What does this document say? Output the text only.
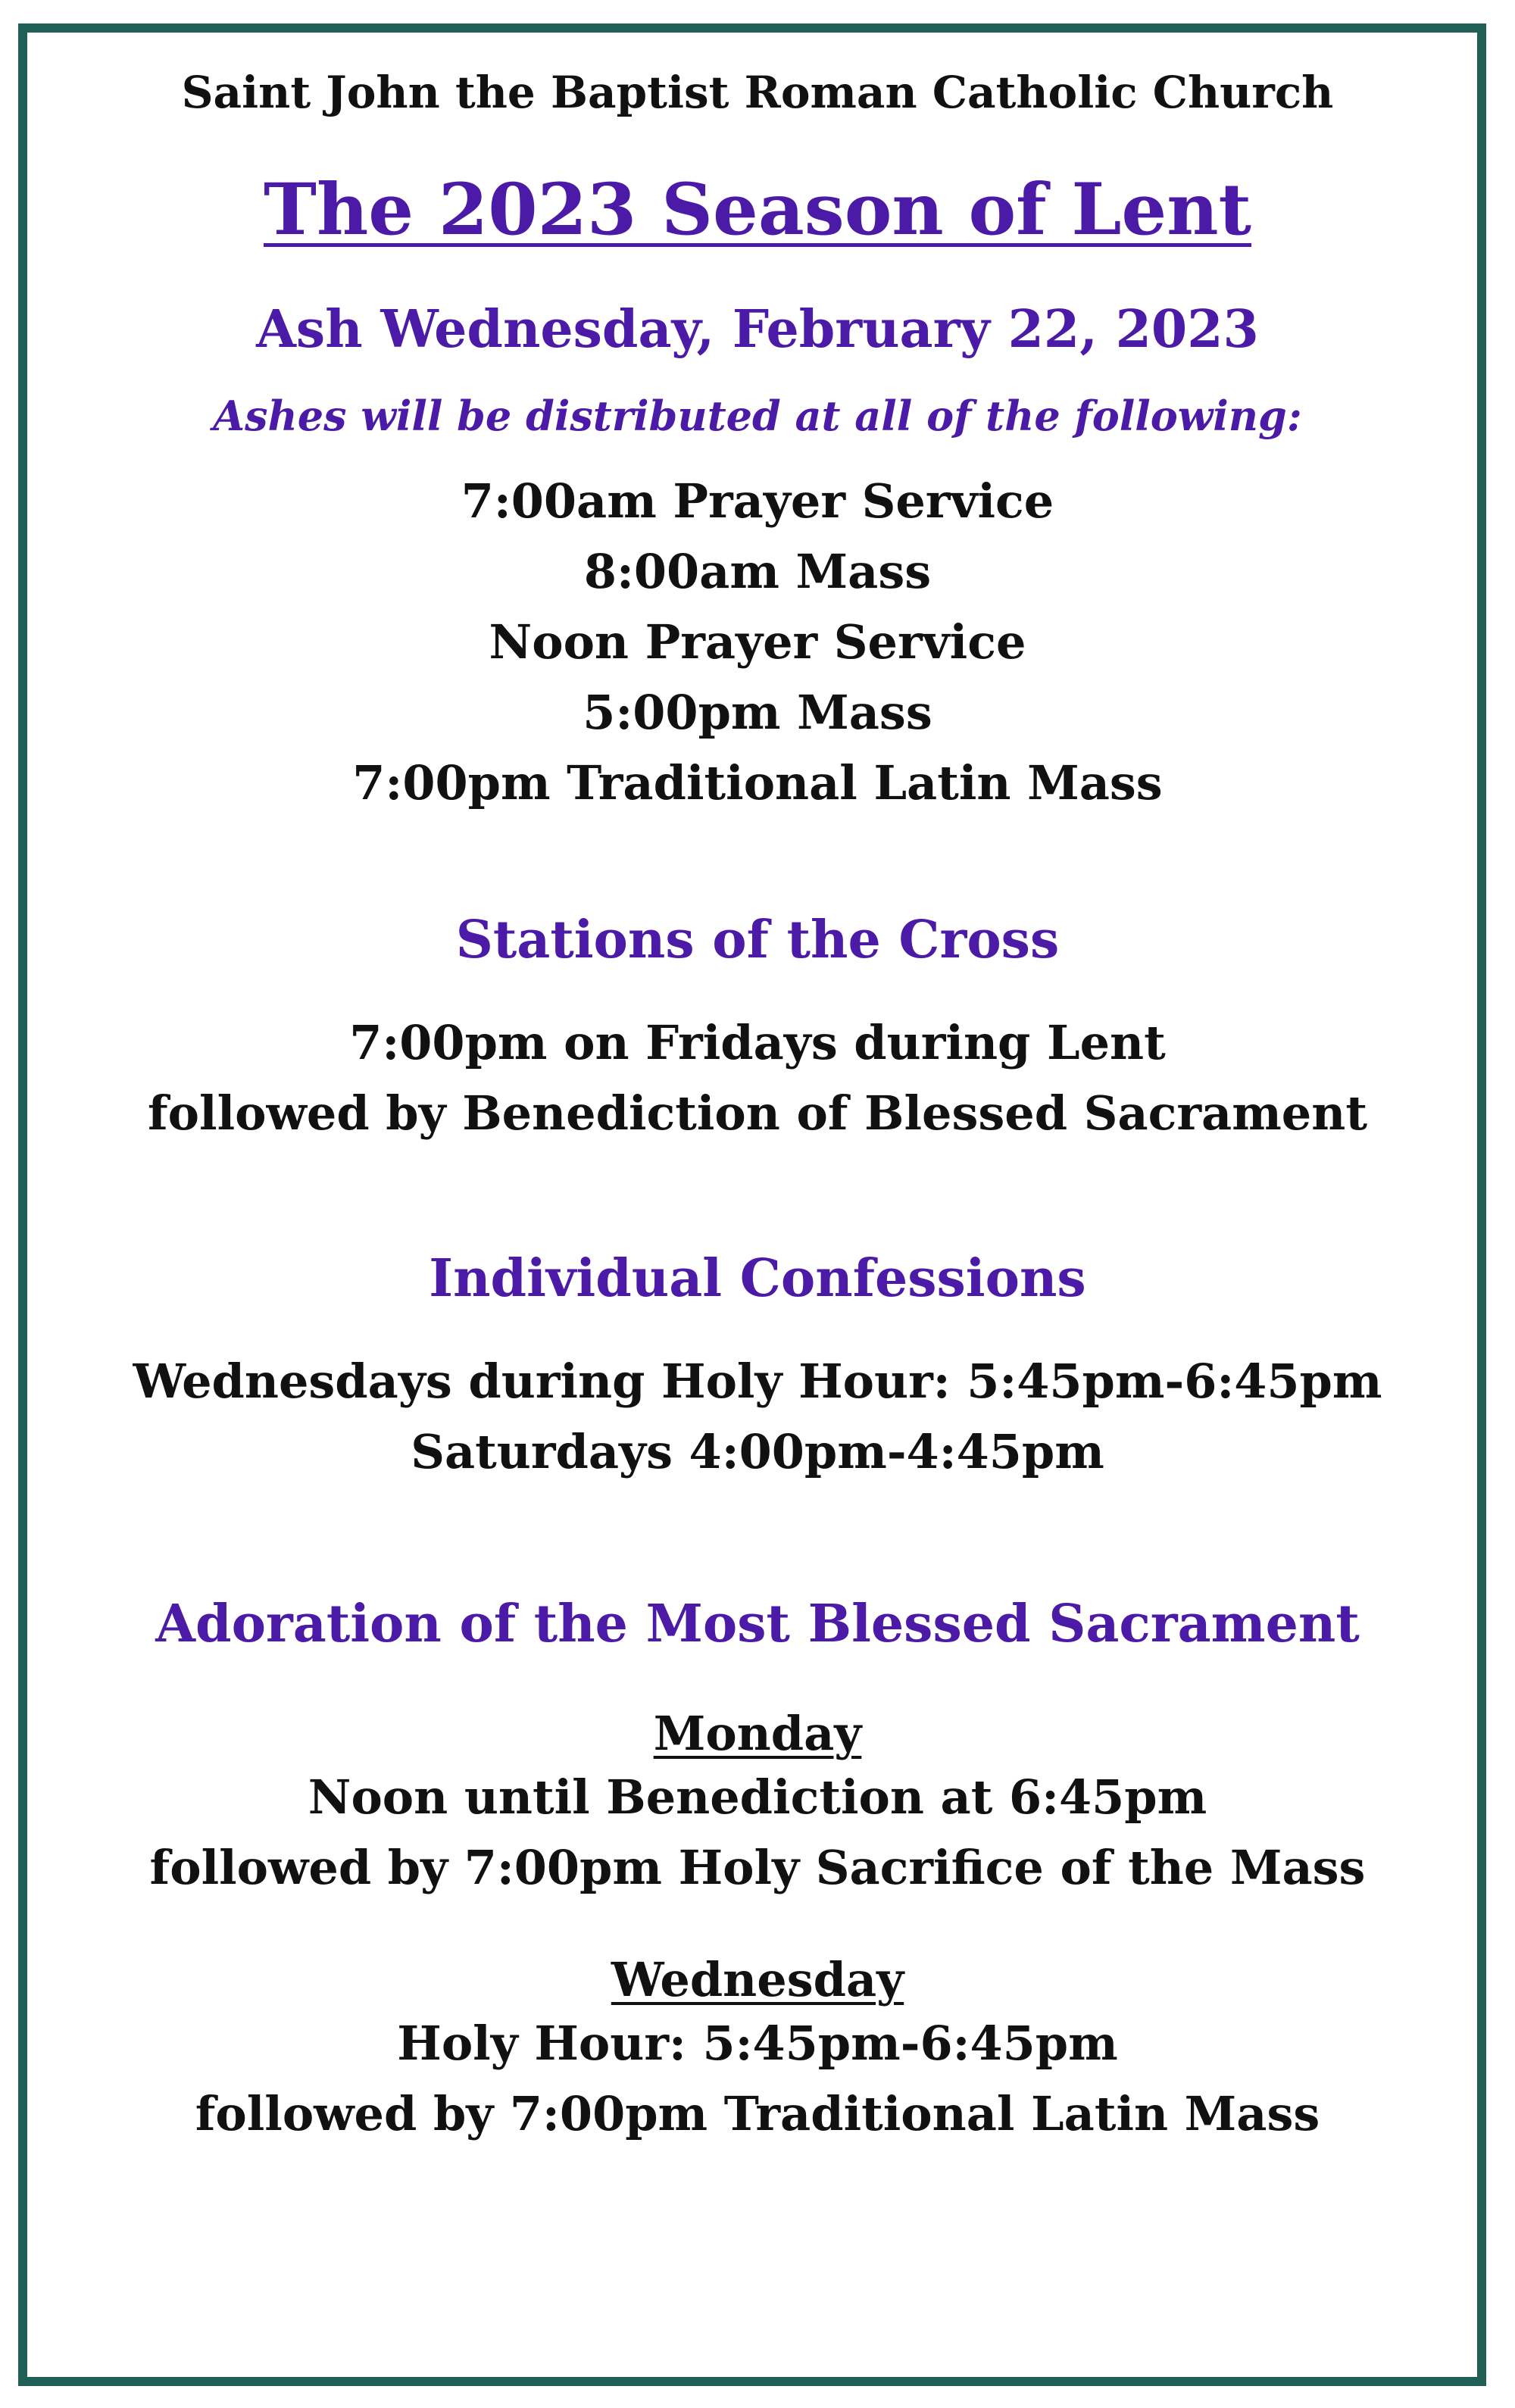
Saint John the Baptist Roman Catholic Church

The 2023 Season of Lent

Ash Wednesday, February 22, 2023

Ashes will be distributed at all of the following:

7:00am Prayer Service

8:00am Mass

Noon Prayer Service

5:00pm Mass

7:00pm Traditional Latin Mass

Stations of the Cross

7:00pm on Fridays during Lent

followed by Benediction of Blessed Sacrament

Individual Confessions

Wednesdays during Holy Hour: 5:45pm-6:45pm

Saturdays 4:00pm-4:45pm

Adoration of the Most Blessed Sacrament

Monday

Noon until Benediction at 6:45pm

followed by 7:00pm Holy Sacrifice of the Mass

Wednesday

Holy Hour: 5:45pm-6:45pm

followed by 7:00pm Traditional Latin Mass
